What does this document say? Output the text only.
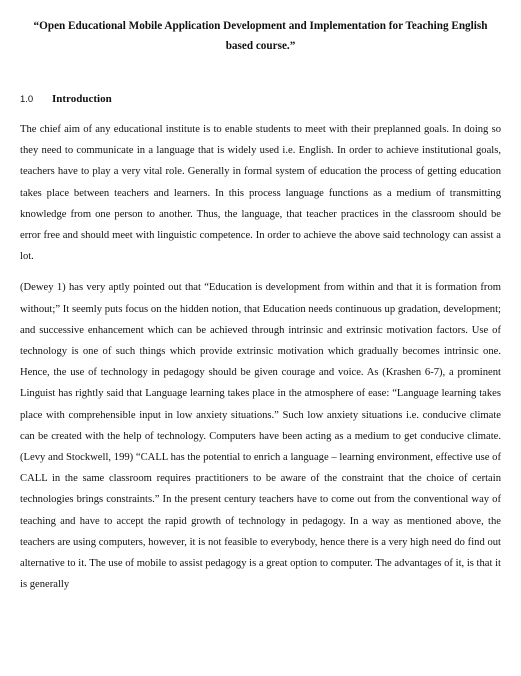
“Open Educational Mobile Application Development and Implementation for Teaching English based course.”

1.0	Introduction

The chief aim of any educational institute is to enable students to meet with their preplanned goals. In doing so they need to communicate in a language that is widely used i.e. English. In order to achieve institutional goals, teachers have to play a very vital role. Generally in formal system of education the process of getting education takes place between teachers and learners. In this process language functions as a medium of transmitting knowledge from one person to another. Thus, the language, that teacher practices in the classroom should be error free and should meet with linguistic competence. In order to achieve the above said technology can assist a lot.

(Dewey 1) has very aptly pointed out that “Education is development from within and that it is formation from without;” It seemly puts focus on the hidden notion, that Education needs continuous up gradation, development; and successive enhancement which can be achieved through intrinsic and extrinsic motivation factors. Use of technology is one of such things which provide extrinsic motivation which gradually becomes intrinsic one. Hence, the use of technology in pedagogy should be given courage and voice. As (Krashen 6-7), a prominent Linguist has rightly said that Language learning takes place in the atmosphere of ease: “Language learning takes place with comprehensible input in low anxiety situations.” Such low anxiety situations i.e. conducive climate can be created with the help of technology. Computers have been acting as a medium to get conducive climate. (Levy and Stockwell, 199) “CALL has the potential to enrich a language – learning environment, effective use of CALL in the same classroom requires practitioners to be aware of the constraint that the choice of certain technologies brings constraints.” In the present century teachers have to come out from the conventional way of teaching and have to accept the rapid growth of technology in pedagogy. In a way as mentioned above, the teachers are using computers, however, it is not feasible to everybody, hence there is a very high need do find out alternative to it. The use of mobile to assist pedagogy is a great option to computer. The advantages of it, is that it is generally
